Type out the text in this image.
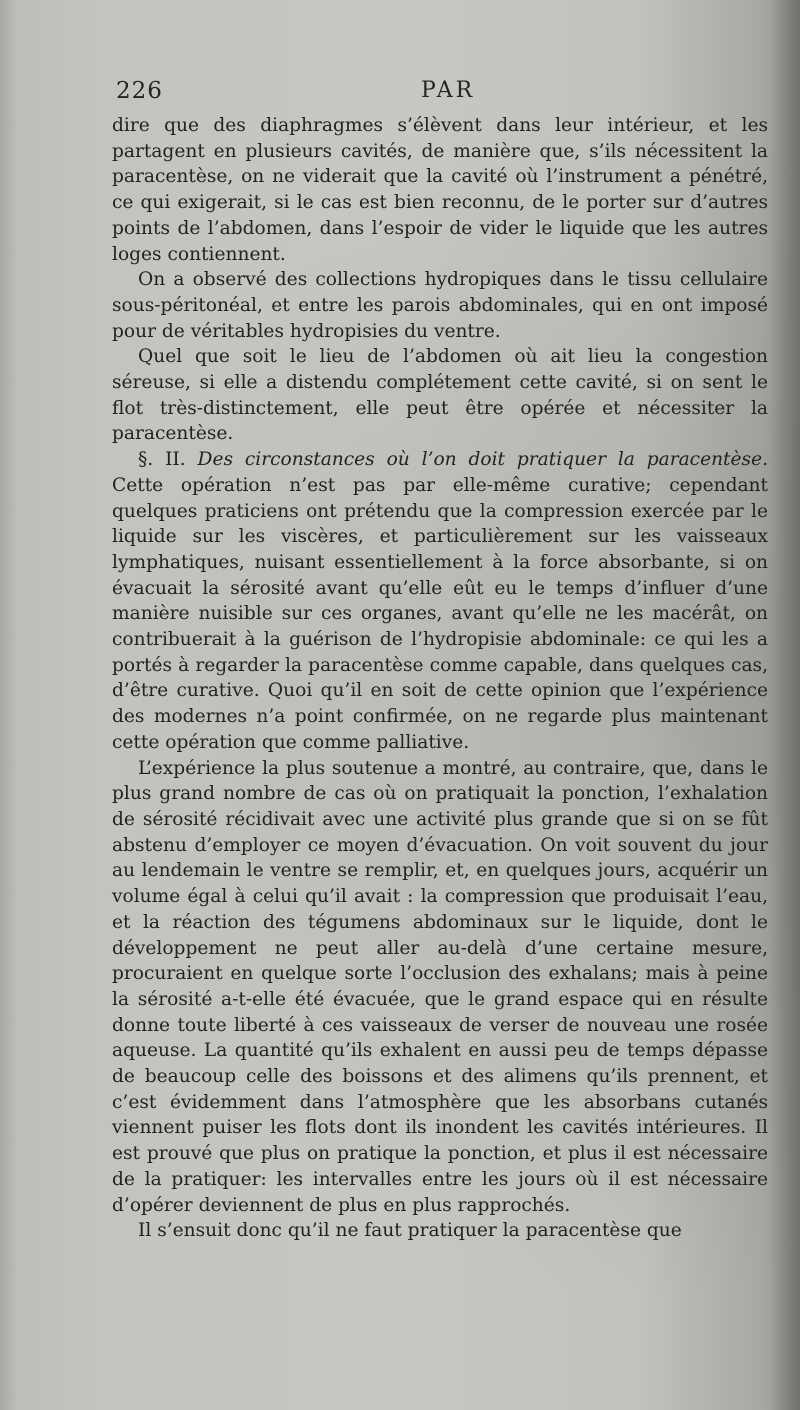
226	PAR

dire que des diaphragmes s’élèvent dans leur intérieur, et les partagent en plusieurs cavités, de manière que, s’ils nécessitent la paracentèse, on ne viderait que la cavité où l’instrument a pénétré, ce qui exigerait, si le cas est bien reconnu, de le porter sur d’autres points de l’abdomen, dans l’espoir de vider le liquide que les autres loges contiennent.

On a observé des collections hydropiques dans le tissu cellulaire sous-péritonéal, et entre les parois abdominales, qui en ont imposé pour de véritables hydropisies du ventre.

Quel que soit le lieu de l’abdomen où ait lieu la congestion séreuse, si elle a distendu complétement cette cavité, si on sent le flot très-distinctement, elle peut être opérée et nécessiter la paracentèse.

§. II. Des circonstances où l’on doit pratiquer la paracentèse. Cette opération n’est pas par elle-même curative; cependant quelques praticiens ont prétendu que la compression exercée par le liquide sur les viscères, et particulièrement sur les vaisseaux lymphatiques, nuisant essentiellement à la force absorbante, si on évacuait la sérosité avant qu’elle eût eu le temps d’influer d’une manière nuisible sur ces organes, avant qu’elle ne les macérât, on contribuerait à la guérison de l’hydropisie abdominale: ce qui les a portés à regarder la paracentèse comme capable, dans quelques cas, d’être curative. Quoi qu’il en soit de cette opinion que l’expérience des modernes n’a point confirmée, on ne regarde plus maintenant cette opération que comme palliative.

L’expérience la plus soutenue a montré, au contraire, que, dans le plus grand nombre de cas où on pratiquait la ponction, l’exhalation de sérosité récidivait avec une activité plus grande que si on se fût abstenu d’employer ce moyen d’évacuation. On voit souvent du jour au lendemain le ventre se remplir, et, en quelques jours, acquérir un volume égal à celui qu’il avait : la compression que produisait l’eau, et la réaction des tégumens abdominaux sur le liquide, dont le développement ne peut aller au-delà d’une certaine mesure, procuraient en quelque sorte l’occlusion des exhalans; mais à peine la sérosité a-t-elle été évacuée, que le grand espace qui en résulte donne toute liberté à ces vaisseaux de verser de nouveau une rosée aqueuse. La quantité qu’ils exhalent en aussi peu de temps dépasse de beaucoup celle des boissons et des alimens qu’ils prennent, et c’est évidemment dans l’atmosphère que les absorbans cutanés viennent puiser les flots dont ils inondent les cavités intérieures. Il est prouvé que plus on pratique la ponction, et plus il est nécessaire de la pratiquer: les intervalles entre les jours où il est nécessaire d’opérer deviennent de plus en plus rapprochés.

Il s’ensuit donc qu’il ne faut pratiquer la paracentèse que
